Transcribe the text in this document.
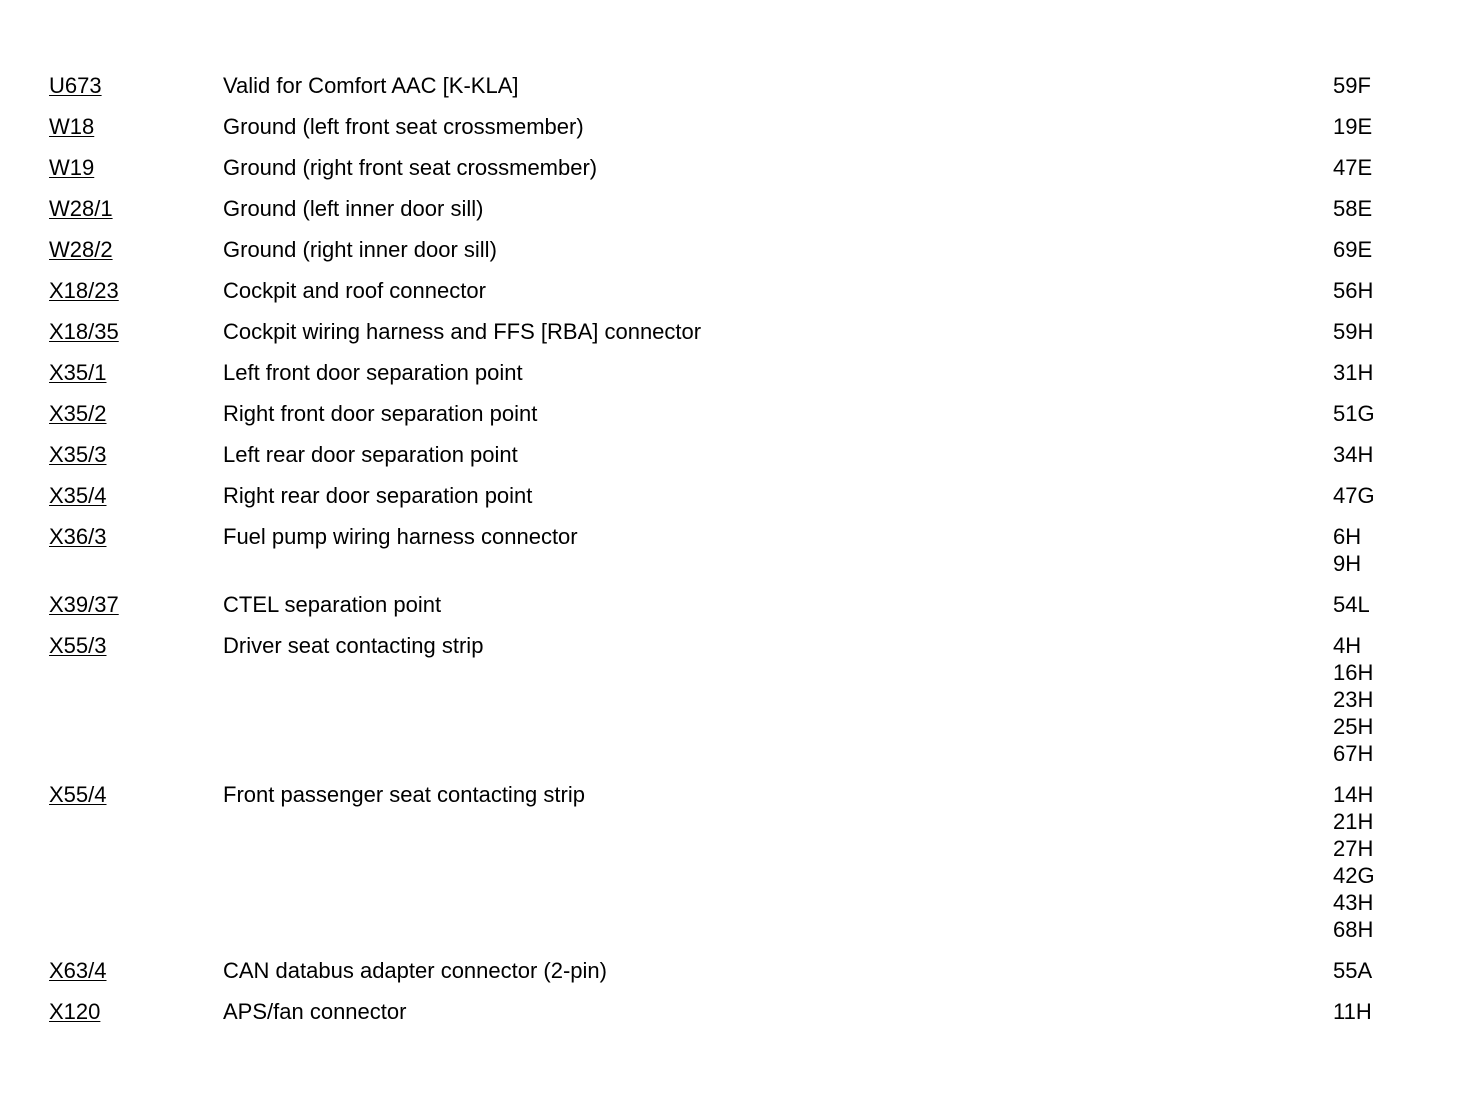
U673	Valid for Comfort AAC [K-KLA]	59F
W18	Ground (left front seat crossmember)	19E
W19	Ground (right front seat crossmember)	47E
W28/1	Ground (left inner door sill)	58E
W28/2	Ground (right inner door sill)	69E
X18/23	Cockpit and roof connector	56H
X18/35	Cockpit wiring harness and FFS [RBA] connector	59H
X35/1	Left front door separation point	31H
X35/2	Right front door separation point	51G
X35/3	Left rear door separation point	34H
X35/4	Right rear door separation point	47G
X36/3	Fuel pump wiring harness connector	6H
9H
X39/37	CTEL separation point	54L
X55/3	Driver seat contacting strip	4H
16H
23H
25H
67H
X55/4	Front passenger seat contacting strip	14H
21H
27H
42G
43H
68H
X63/4	CAN databus adapter connector (2-pin)	55A
X120	APS/fan connector	11H
